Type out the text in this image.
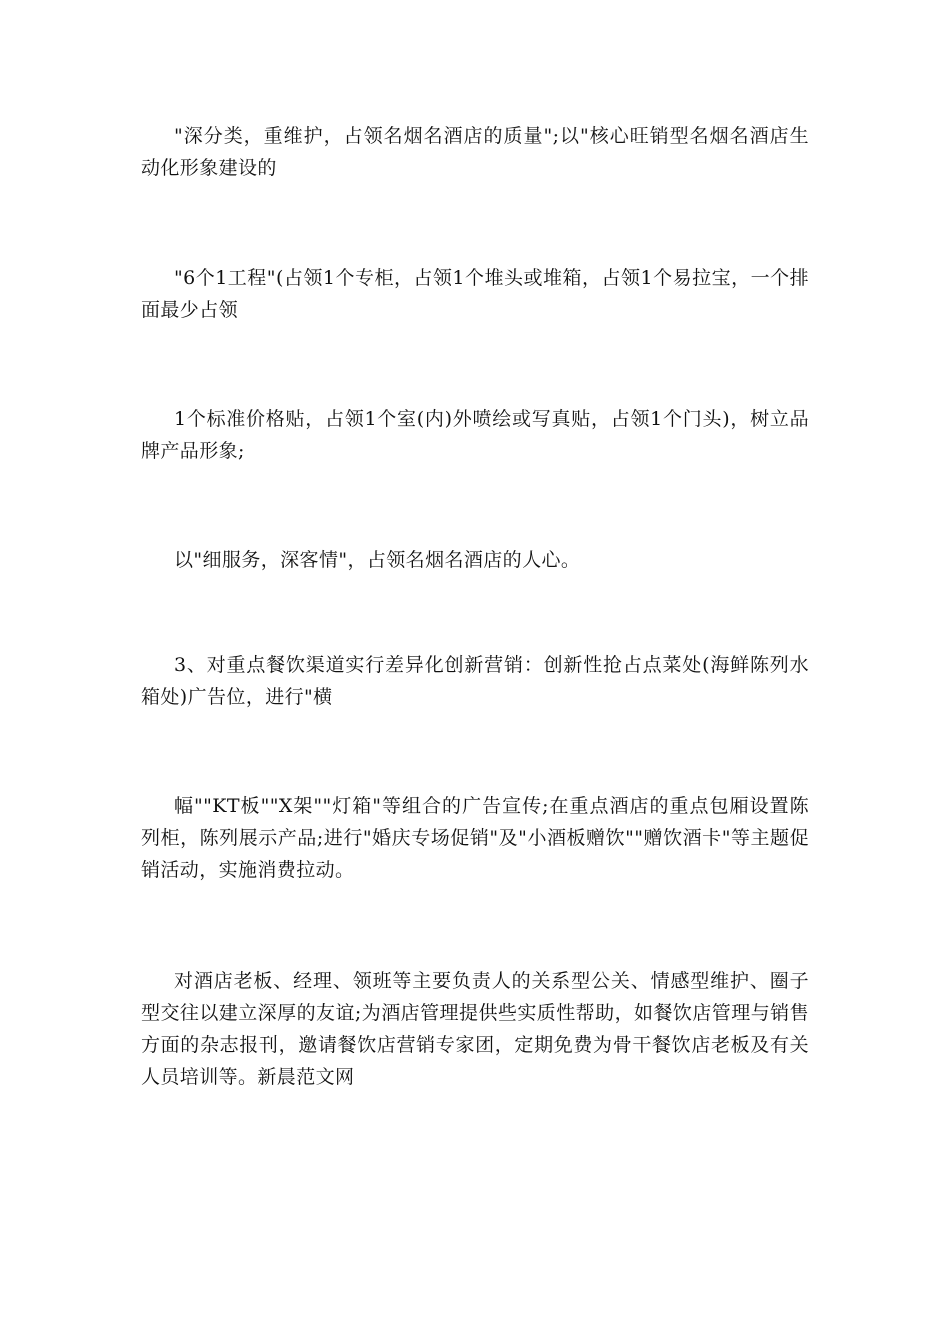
"深分类，重维护，占领名烟名酒店的质量";以"核心旺销型名烟名酒店生动化形象建设的

"6个1工程"(占领1个专柜，占领1个堆头或堆箱，占领1个易拉宝，一个排面最少占领

1个标准价格贴，占领1个室(内)外喷绘或写真贴，占领1个门头)，树立品牌产品形象;

以"细服务，深客情"，占领名烟名酒店的人心。

3、对重点餐饮渠道实行差异化创新营销：创新性抢占点菜处(海鲜陈列水箱处)广告位，进行"横

幅""KT板""X架""灯箱"等组合的广告宣传;在重点酒店的重点包厢设置陈列柜，陈列展示产品;进行"婚庆专场促销"及"小酒板赠饮""赠饮酒卡"等主题促销活动，实施消费拉动。

对酒店老板、经理、领班等主要负责人的关系型公关、情感型维护、圈子型交往以建立深厚的友谊;为酒店管理提供些实质性帮助，如餐饮店管理与销售方面的杂志报刊，邀请餐饮店营销专家团，定期免费为骨干餐饮店老板及有关人员培训等。新晨范文网
